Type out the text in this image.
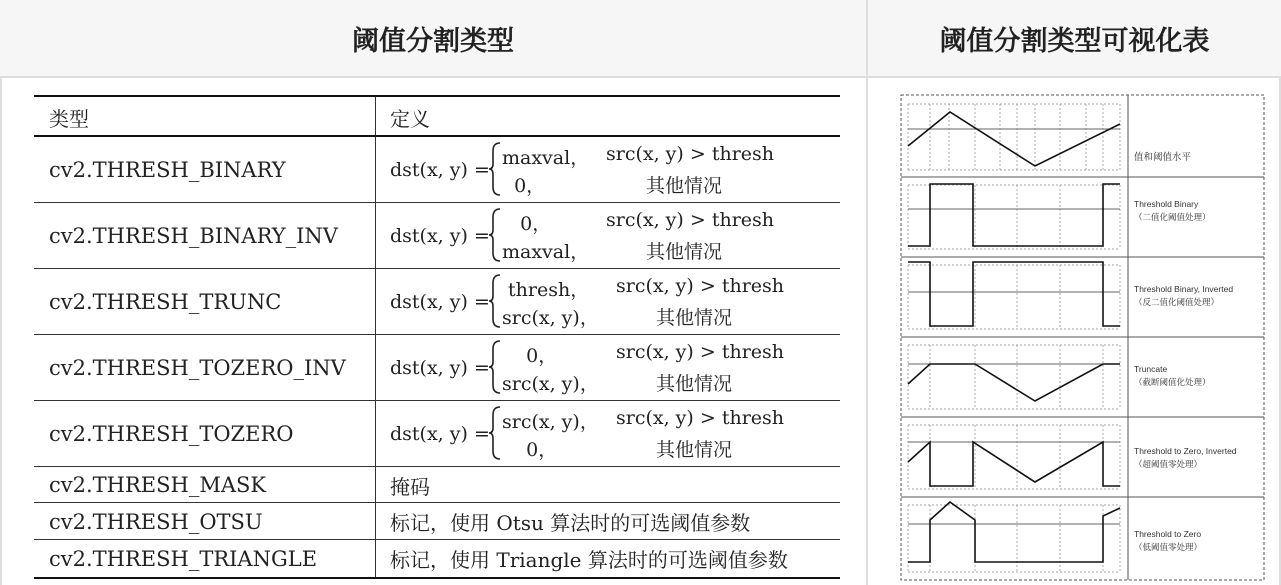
阈值分割类型	阈值分割类型可视化表
类型	定义
cv2.THRESH_BINARY	dst(x, y) =
maxval， src(x, y) > thresh
0，	其他情况
cv2.THRESH_BINARY_INV	dst(x, y) =
0，	src(x, y) > thresh
maxval，	其他情况
cv2.THRESH_TRUNC	dst(x, y) =
thresh， src(x, y) > thresh
src(x, y)，	其他情况
cv2.THRESH_TOZERO_INV dst(x, y) =
0，	src(x, y) > thresh
src(x, y)，	其他情况
cv2.THRESH_TOZERO	dst(x, y) =
src(x, y)， src(x, y) > thresh
0，	其他情况
cv2.THRESH_MASK	掩码
cv2.THRESH_OTSU	标记，使用 Otsu 算法时的可选阈值参数
cv2.THRESH_TRIANGLE	标记，使用 Triangle 算法时的可选阈值参数
值和阈值水平
Threshold Binary
（二值化阈值处理）
Threshold Binary, Inverted
（反二值化阈值处理）
Truncate
（截断阈值化处理）
Threshold to Zero, Inverted
（超阈值零处理）
Threshold to Zero
（低阈值零处理）
